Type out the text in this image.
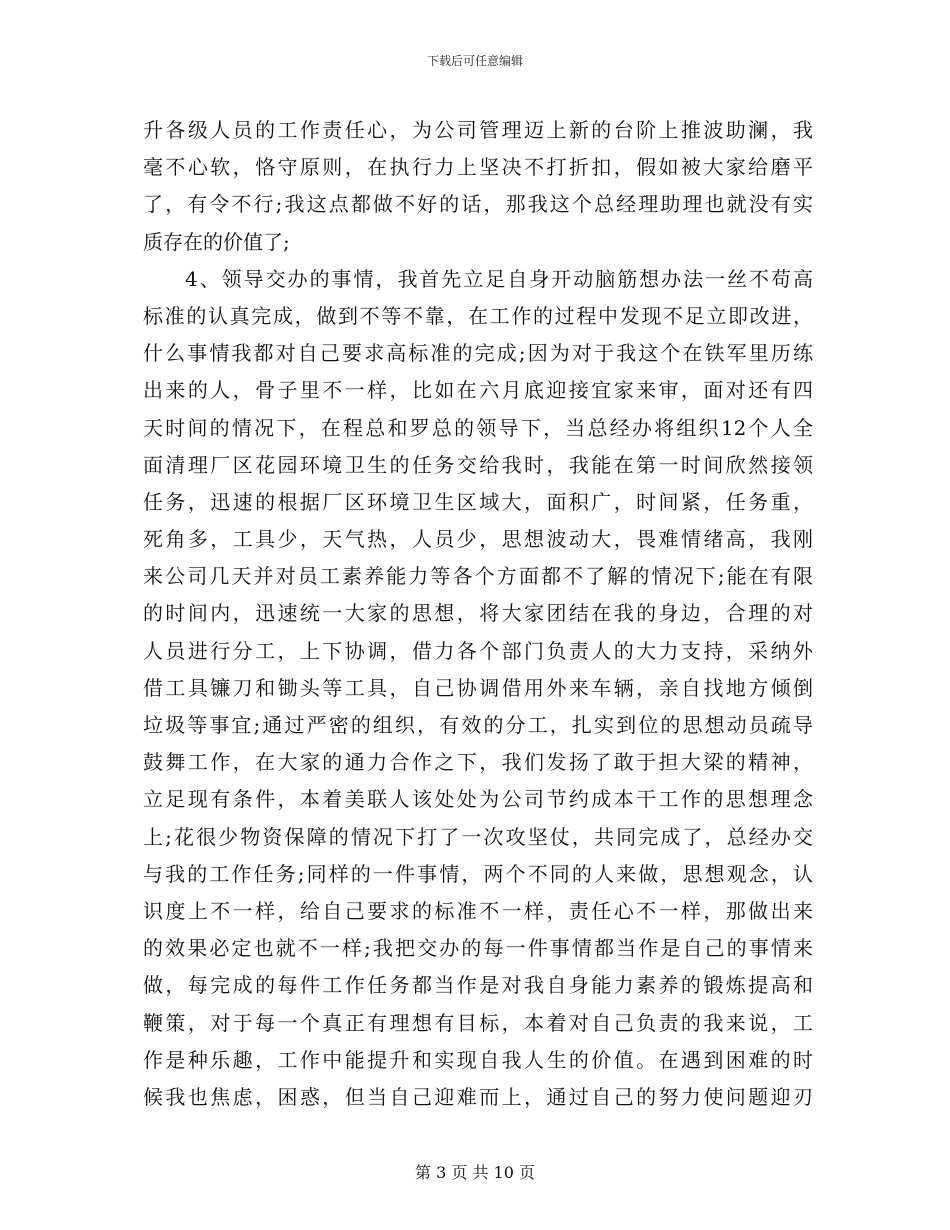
下载后可任意编辑
升各级人员的工作责任心，为公司管理迈上新的台阶上推波助澜，我
毫不心软，恪守原则，在执行力上坚决不打折扣，假如被大家给磨平
了，有令不行;我这点都做不好的话，那我这个总经理助理也就没有实
质存在的价值了;
4、领导交办的事情，我首先立足自身开动脑筋想办法一丝不苟高
标准的认真完成，做到不等不靠，在工作的过程中发现不足立即改进，
什么事情我都对自己要求高标准的完成;因为对于我这个在铁军里历练
出来的人，骨子里不一样，比如在六月底迎接宜家来审，面对还有四
天时间的情况下，在程总和罗总的领导下，当总经办将组织12个人全
面清理厂区花园环境卫生的任务交给我时，我能在第一时间欣然接领
任务，迅速的根据厂区环境卫生区域大，面积广，时间紧，任务重，
死角多，工具少，天气热，人员少，思想波动大，畏难情绪高，我刚
来公司几天并对员工素养能力等各个方面都不了解的情况下;能在有限
的时间内，迅速统一大家的思想，将大家团结在我的身边，合理的对
人员进行分工，上下协调，借力各个部门负责人的大力支持，采纳外
借工具镰刀和锄头等工具，自己协调借用外来车辆，亲自找地方倾倒
垃圾等事宜;通过严密的组织，有效的分工，扎实到位的思想动员疏导
鼓舞工作，在大家的通力合作之下，我们发扬了敢于担大梁的精神，
立足现有条件，本着美联人该处处为公司节约成本干工作的思想理念
上;花很少物资保障的情况下打了一次攻坚仗，共同完成了，总经办交
与我的工作任务;同样的一件事情，两个不同的人来做，思想观念，认
识度上不一样，给自己要求的标准不一样，责任心不一样，那做出来
的效果必定也就不一样;我把交办的每一件事情都当作是自己的事情来
做，每完成的每件工作任务都当作是对我自身能力素养的锻炼提高和
鞭策，对于每一个真正有理想有目标，本着对自己负责的我来说，工
作是种乐趣，工作中能提升和实现自我人生的价值。在遇到困难的时
候我也焦虑，困惑，但当自己迎难而上，通过自己的努力使问题迎刃
第 3 页 共 10 页
